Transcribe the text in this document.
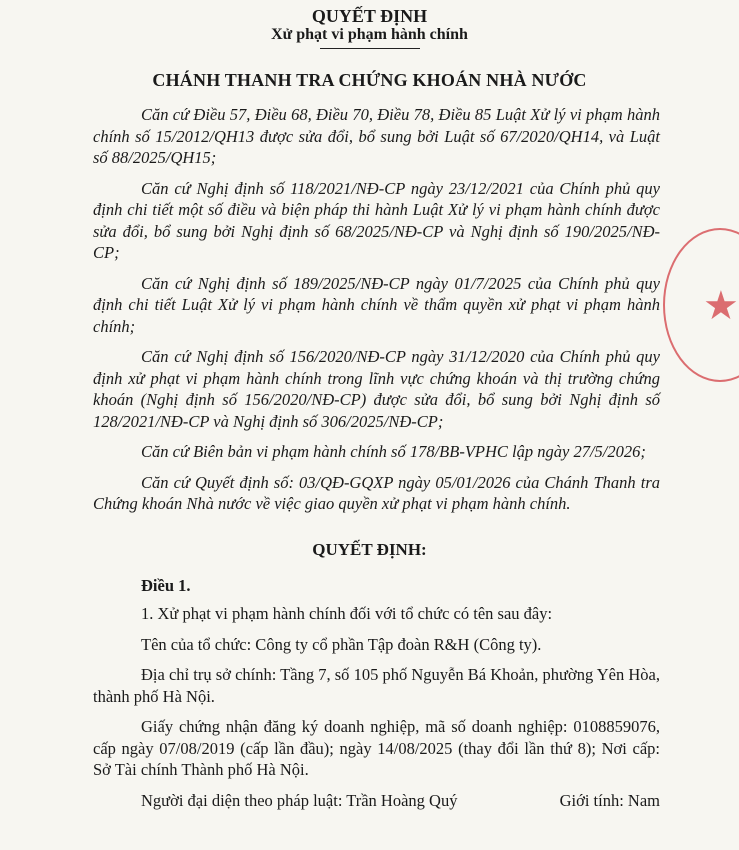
QUYẾT ĐỊNH
Xử phạt vi phạm hành chính
CHÁNH THANH TRA CHỨNG KHOÁN NHÀ NƯỚC

Căn cứ Điều 57, Điều 68, Điều 70, Điều 78, Điều 85 Luật Xử lý vi phạm hành chính số 15/2012/QH13 được sửa đổi, bổ sung bởi Luật số 67/2020/QH14, và Luật số 88/2025/QH15;

Căn cứ Nghị định số 118/2021/NĐ-CP ngày 23/12/2021 của Chính phủ quy định chi tiết một số điều và biện pháp thi hành Luật Xử lý vi phạm hành chính được sửa đổi, bổ sung bởi Nghị định số 68/2025/NĐ-CP và Nghị định số 190/2025/NĐ-CP;

Căn cứ Nghị định số 189/2025/NĐ-CP ngày 01/7/2025 của Chính phủ quy định chi tiết Luật Xử lý vi phạm hành chính về thẩm quyền xử phạt vi phạm hành chính;

Căn cứ Nghị định số 156/2020/NĐ-CP ngày 31/12/2020 của Chính phủ quy định xử phạt vi phạm hành chính trong lĩnh vực chứng khoán và thị trường chứng khoán (Nghị định số 156/2020/NĐ-CP) được sửa đổi, bổ sung bởi Nghị định số 128/2021/NĐ-CP và Nghị định số 306/2025/NĐ-CP;

Căn cứ Biên bản vi phạm hành chính số 178/BB-VPHC lập ngày 27/5/2026;

Căn cứ Quyết định số: 03/QĐ-GQXP ngày 05/01/2026 của Chánh Thanh tra Chứng khoán Nhà nước về việc giao quyền xử phạt vi phạm hành chính.

QUYẾT ĐỊNH:
Điều 1.

1. Xử phạt vi phạm hành chính đối với tổ chức có tên sau đây:

Tên của tổ chức: Công ty cổ phần Tập đoàn R&H (Công ty).

Địa chỉ trụ sở chính: Tầng 7, số 105 phố Nguyễn Bá Khoản, phường Yên Hòa, thành phố Hà Nội.

Giấy chứng nhận đăng ký doanh nghiệp, mã số doanh nghiệp: 0108859076, cấp ngày 07/08/2019 (cấp lần đầu); ngày 14/08/2025 (thay đổi lần thứ 8); Nơi cấp: Sở Tài chính Thành phố Hà Nội.

Người đại diện theo pháp luật: Trần Hoàng Quý	Giới tính: Nam

★
